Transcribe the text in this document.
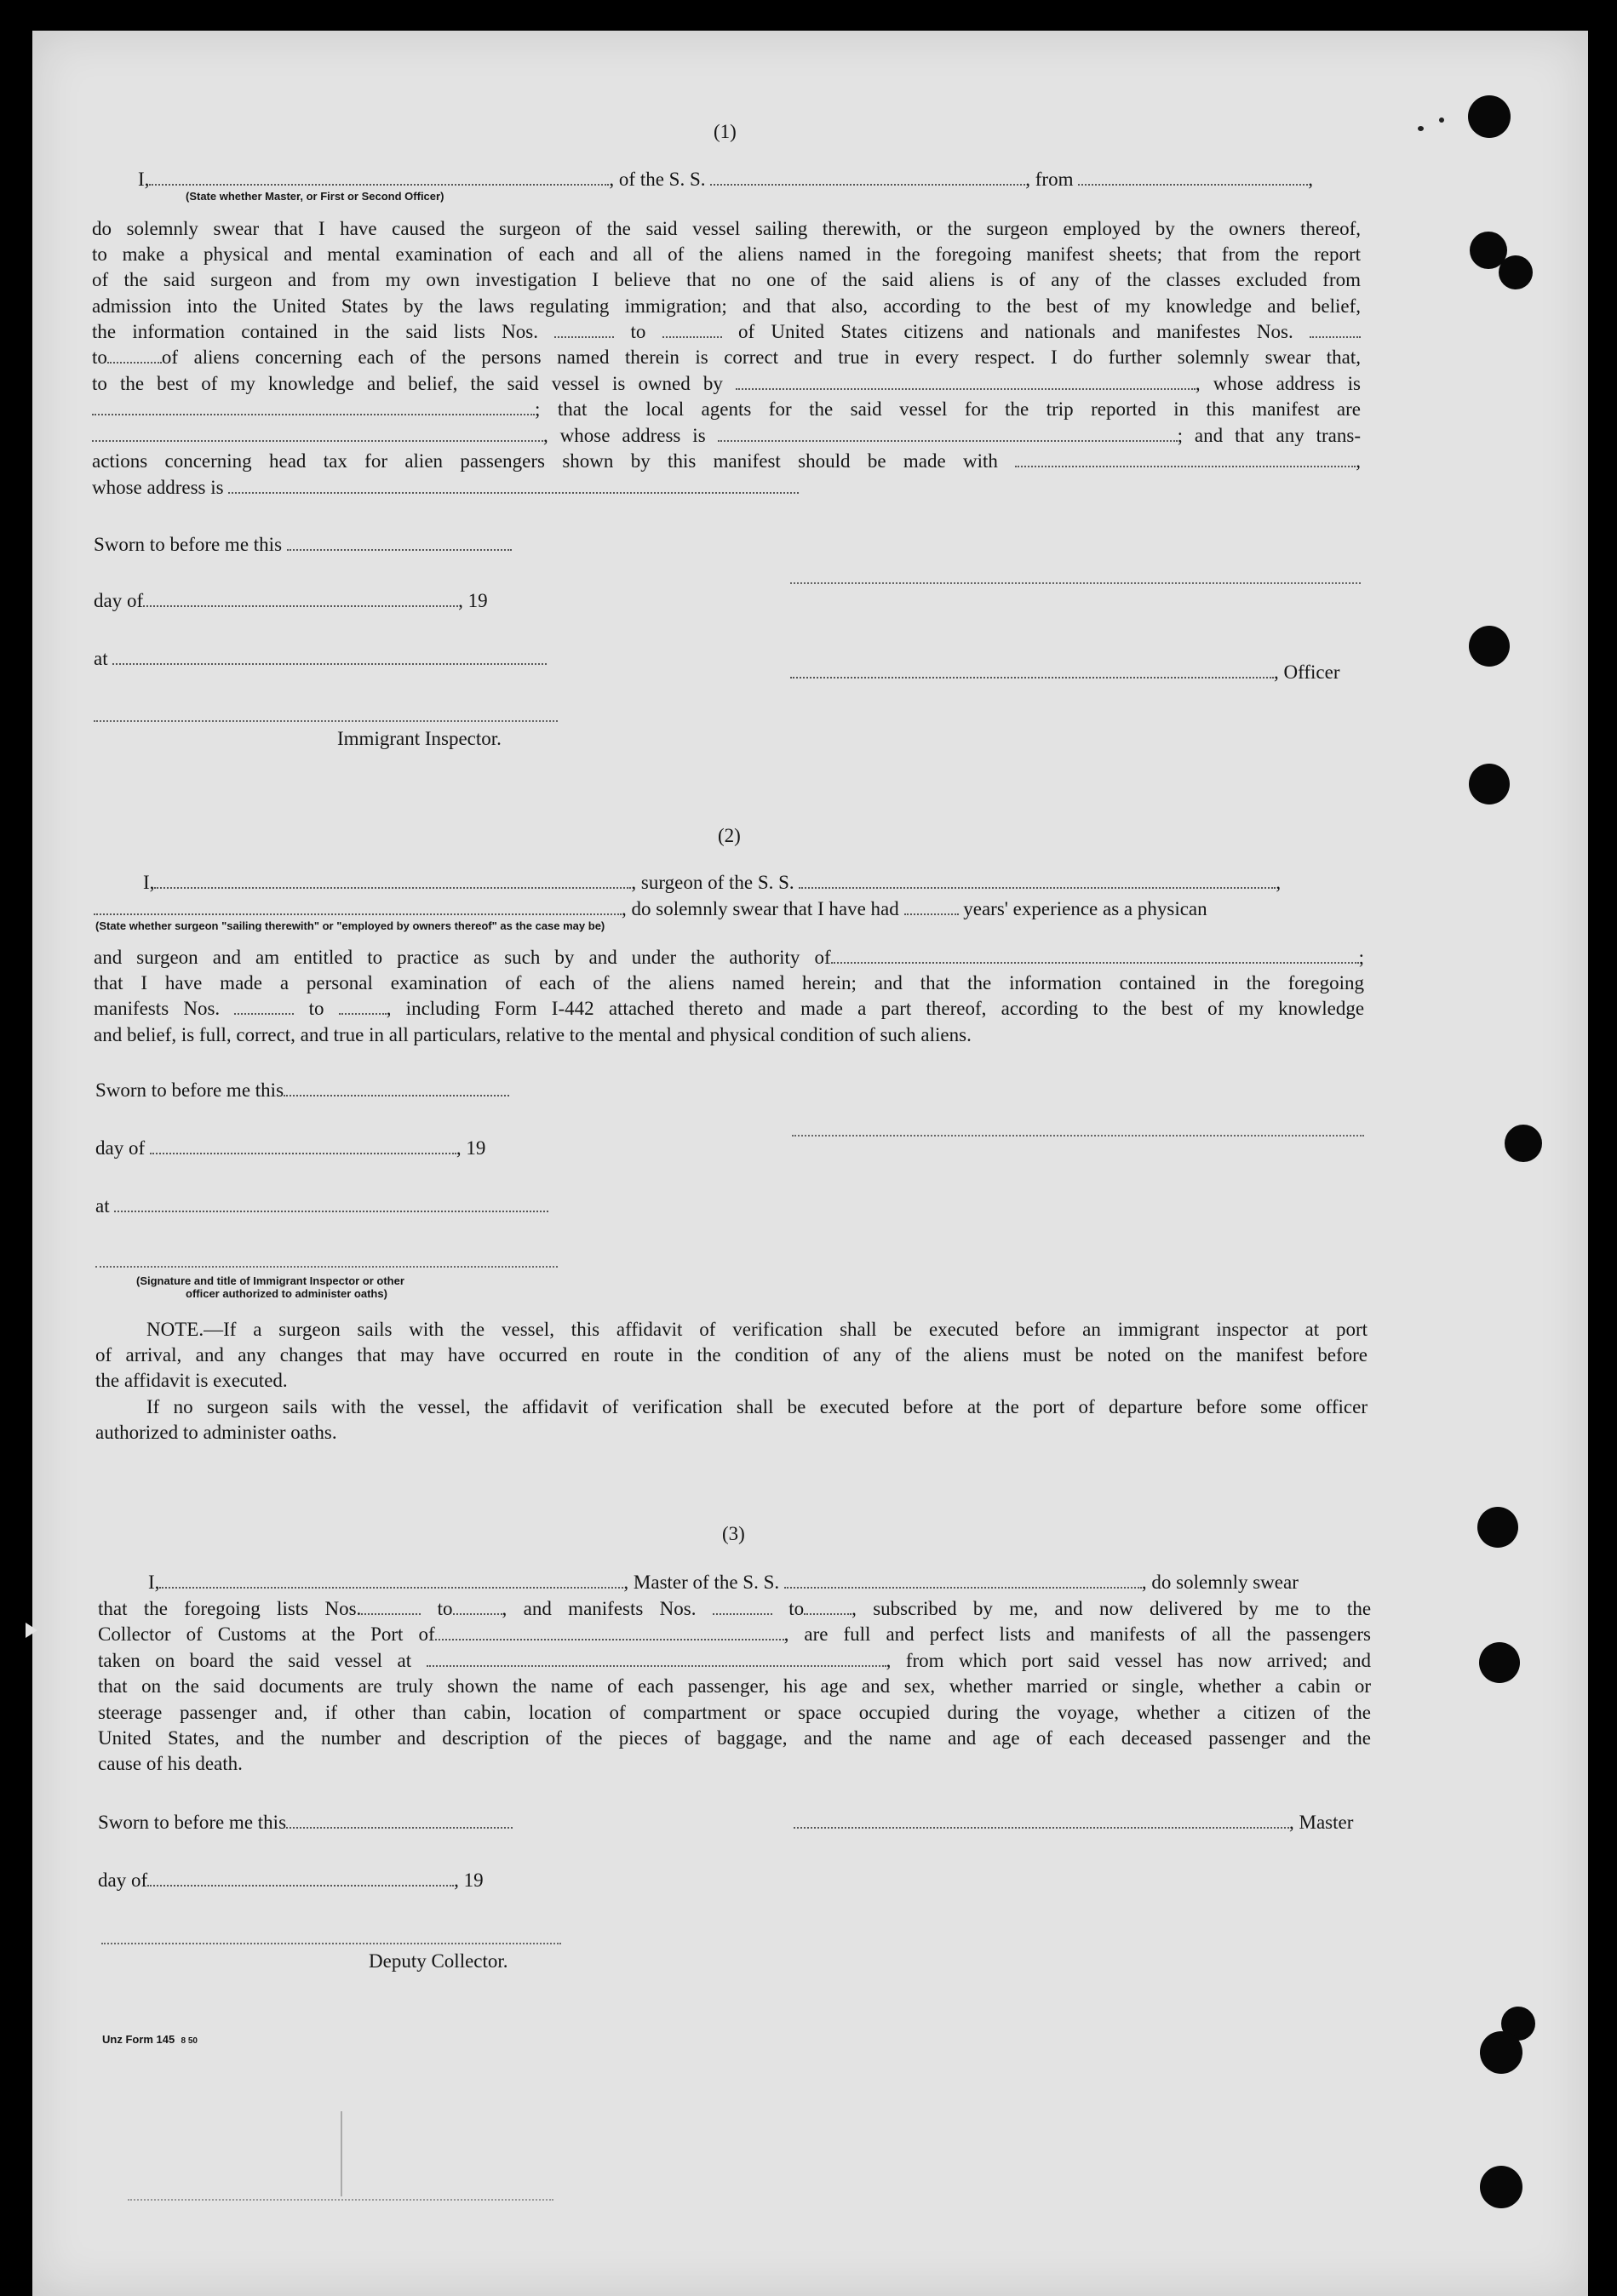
(1)
I,	, of the S. S.	, from	,
(State whether Master, or First or Second Officer)
do solemnly swear that I have caused the surgeon of the said vessel sailing therewith, or the surgeon employed by the owners thereof,
to make a physical and mental examination of each and all of the aliens named in the foregoing manifest sheets; that from the report
of the said surgeon and from my own investigation I believe that no one of the said aliens is of any of the classes excluded from
admission into the United States by the laws regulating immigration; and that also, according to the best of my knowledge and belief,
the information contained in the said lists Nos.	to	of United States citizens and nationals and manifestes Nos.
to	of aliens concerning each of the persons named therein is correct and true in every respect. I do further solemnly swear that,
to the best of my knowledge and belief, the said vessel is owned by	, whose address is
; that the local agents for the said vessel for the trip reported in this manifest are
, whose address is	; and that any trans-
actions concerning head tax for alien passengers shown by this manifest should be made with	,
whose address is
Sworn to before me this
day of	, 19
at
, Officer
Immigrant Inspector.
(2)
I,	, surgeon of the S. S.	,
, do solemnly swear that I have had	years' experience as a physican
(State whether surgeon "sailing therewith" or "employed by owners thereof" as the case may be)
and surgeon and am entitled to practice as such by and under the authority of	;
that I have made a personal examination of each of the aliens named herein; and that the information contained in the foregoing
manifests Nos.	to	, including Form I-442 attached thereto and made a part thereof, according to the best of my knowledge
and belief, is full, correct, and true in all particulars, relative to the mental and physical condition of such aliens.
Sworn to before me this
day of	, 19
at
(Signature and title of Immigrant Inspector or other
officer authorized to administer oaths)
NOTE.—If a surgeon sails with the vessel, this affidavit of verification shall be executed before an immigrant inspector at port
of arrival, and any changes that may have occurred en route in the condition of any of the aliens must be noted on the manifest before
the affidavit is executed.
If no surgeon sails with the vessel, the affidavit of verification shall be executed before at the port of departure before some officer
authorized to administer oaths.
(3)
I,	, Master of the S. S.	, do solemnly swear
that the foregoing lists Nos.	to	, and manifests Nos.	to , subscribed by me, and now delivered by me to the
Collector of Customs at the Port of	, are full and perfect lists and manifests of all the passengers
taken on board the said vessel at	, from which port said vessel has now arrived; and
that on the said documents are truly shown the name of each passenger, his age and sex, whether married or single, whether a cabin or
steerage passenger and, if other than cabin, location of compartment or space occupied during the voyage, whether a citizen of the
United States, and the number and description of the pieces of baggage, and the name and age of each deceased passenger and the
cause of his death.
Sworn to before me this	, Master
day of	, 19
Deputy Collector.
Unz Form 145 8 50
